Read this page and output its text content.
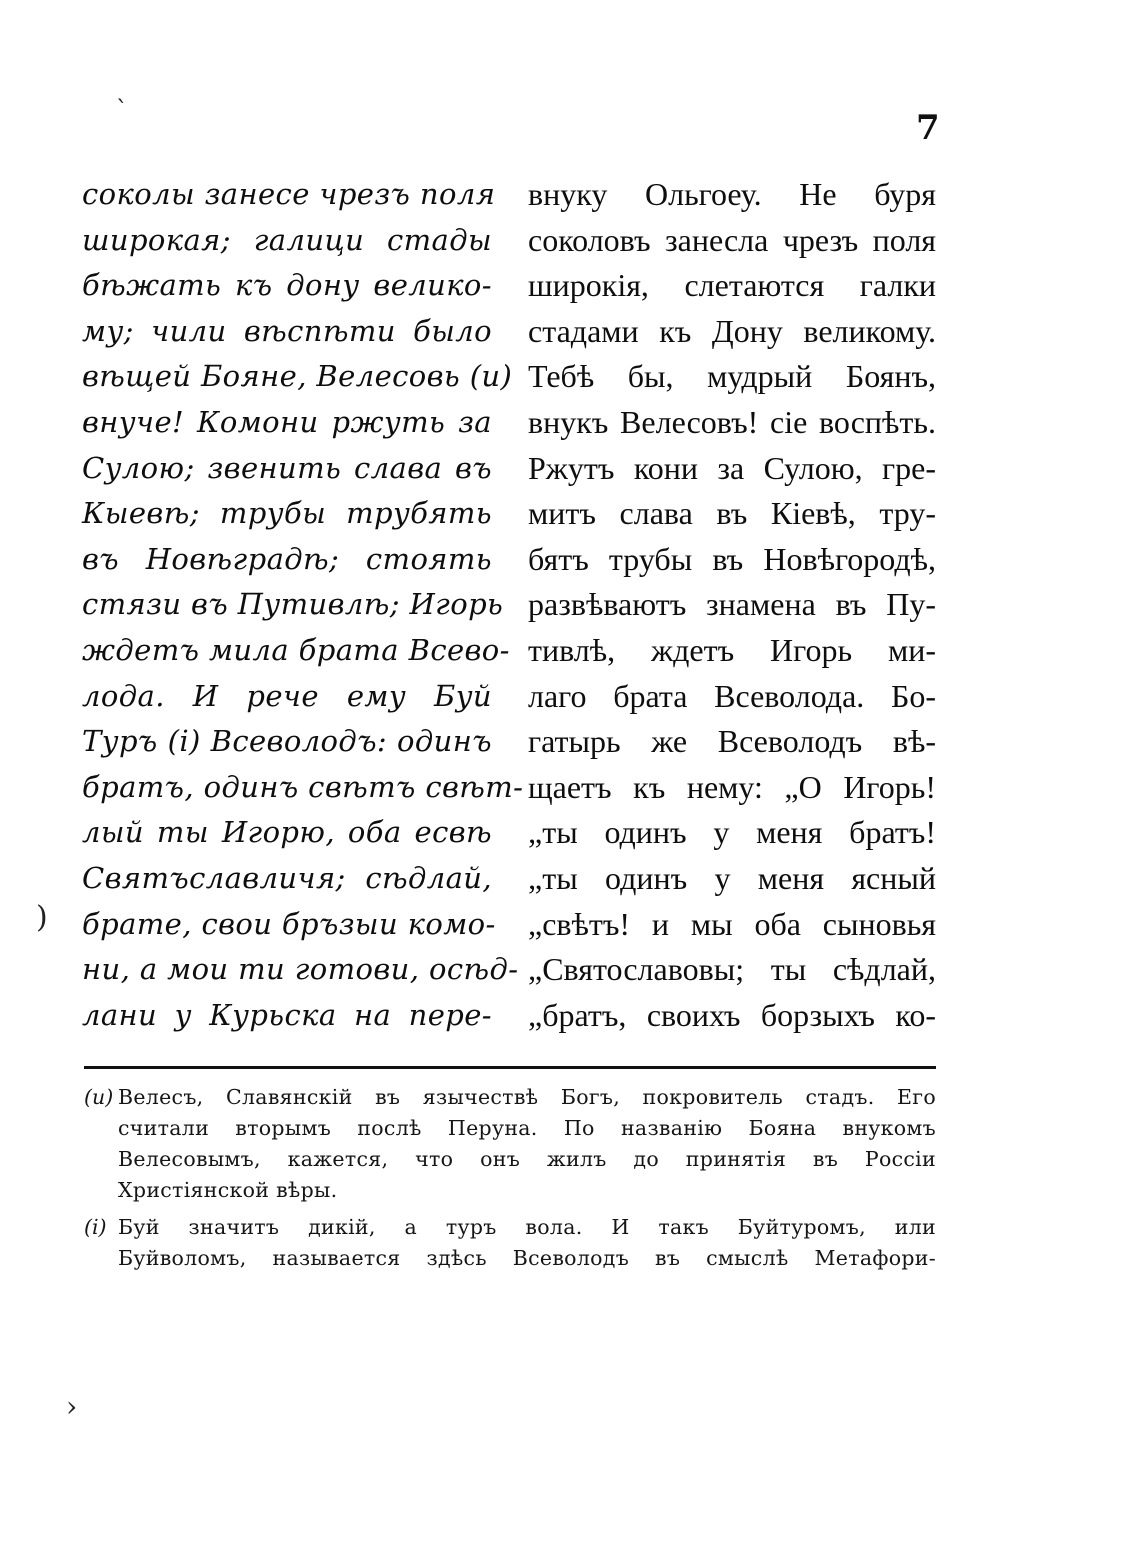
ˋ
)
›
7
соколы занесе чрезъ поля
широкая; галици стады
бѣжать къ дону велико-
му; чили вѣспѣти было
вѣщей Бояне, Велесовь (и)
внуче! Комони ржуть за
Сулою; звенить слава въ
Кыевѣ; трубы трубять
въ Новѣградѣ; стоять
стязи въ Путивлѣ; Игорь
ждетъ мила брата Всево-
лода. И рече ему Буй
Туръ (і) Всеволодъ: одинъ
братъ, одинъ свѣтъ свѣт-
лый ты Игорю, оба есвѣ
Святъславличя; сѣдлай,
брате, свои бръзыи комо-
ни, а мои ти готови, осѣд-
лани у Курьска на пере-
внуку Ольгоеу. Не буря
соколовъ занесла чрезъ поля
широкія, слетаются галки
стадами къ Дону великому.
Тебѣ бы, мудрый Боянъ,
внукъ Велесовъ! сіе воспѣть.
Ржутъ кони за Сулою, гре-
митъ слава въ Кіевѣ, тру-
бятъ трубы въ Новѣгородѣ,
развѣваютъ знамена въ Пу-
тивлѣ, ждетъ Игорь ми-
лаго брата Всеволода. Бо-
гатырь же Всеволодъ вѣ-
щаетъ къ нему: „О Игорь!
„ты одинъ у меня братъ!
„ты одинъ у меня ясный
„свѣтъ! и мы оба сыновья
„Святославовы; ты сѣдлай,
„братъ, своихъ борзыхъ ко-
(и) Велесъ, Славянскій въ язычествѣ Богъ, покровитель стадъ. Его
считали вторымъ послѣ Перуна. По названію Бояна внукомъ
Велесовымъ, кажется, что онъ жилъ до принятія въ Россіи
Христіянской вѣры.
(і) Буй значитъ дикій, а туръ вола. И такъ Буйтуромъ, или
Буйволомъ, называется здѣсь Всеволодъ въ смыслѣ Метафори-
